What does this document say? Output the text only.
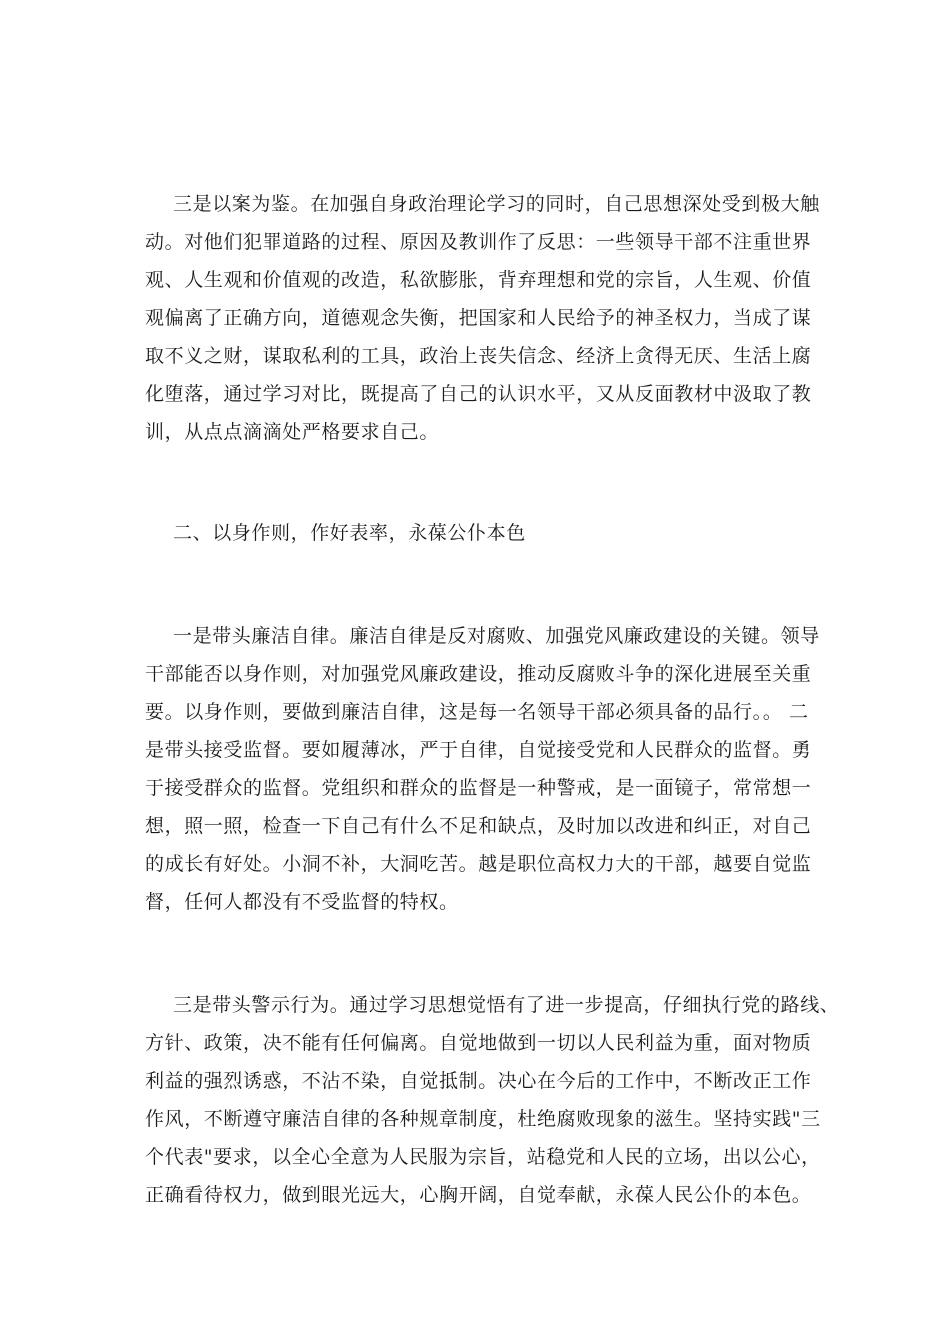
三是以案为鉴。在加强自身政治理论学习的同时，自己思想深处受到极大触
动。对他们犯罪道路的过程、原因及教训作了反思：一些领导干部不注重世界
观、人生观和价值观的改造，私欲膨胀，背弃理想和党的宗旨，人生观、价值
观偏离了正确方向，道德观念失衡，把国家和人民给予的神圣权力，当成了谋
取不义之财，谋取私利的工具，政治上丧失信念、经济上贪得无厌、生活上腐
化堕落，通过学习对比，既提高了自己的认识水平，又从反面教材中汲取了教
训，从点点滴滴处严格要求自己。
二、以身作则，作好表率，永葆公仆本色
一是带头廉洁自律。廉洁自律是反对腐败、加强党风廉政建设的关键。领导
干部能否以身作则，对加强党风廉政建设，推动反腐败斗争的深化进展至关重
要。以身作则，要做到廉洁自律，这是每一名领导干部必须具备的品行。。 二
是带头接受监督。要如履薄冰，严于自律，自觉接受党和人民群众的监督。勇
于接受群众的监督。党组织和群众的监督是一种警戒，是一面镜子，常常想一
想，照一照，检查一下自己有什么不足和缺点，及时加以改进和纠正，对自己
的成长有好处。小洞不补，大洞吃苦。越是职位高权力大的干部，越要自觉监
督，任何人都没有不受监督的特权。
三是带头警示行为。通过学习思想觉悟有了进一步提高，仔细执行党的路线、
方针、政策，决不能有任何偏离。自觉地做到一切以人民利益为重，面对物质
利益的强烈诱惑，不沾不染，自觉抵制。决心在今后的工作中，不断改正工作
作风，不断遵守廉洁自律的各种规章制度，杜绝腐败现象的滋生。坚持实践"三
个代表"要求，以全心全意为人民服为宗旨，站稳党和人民的立场，出以公心，
正确看待权力，做到眼光远大，心胸开阔，自觉奉献，永葆人民公仆的本色。
